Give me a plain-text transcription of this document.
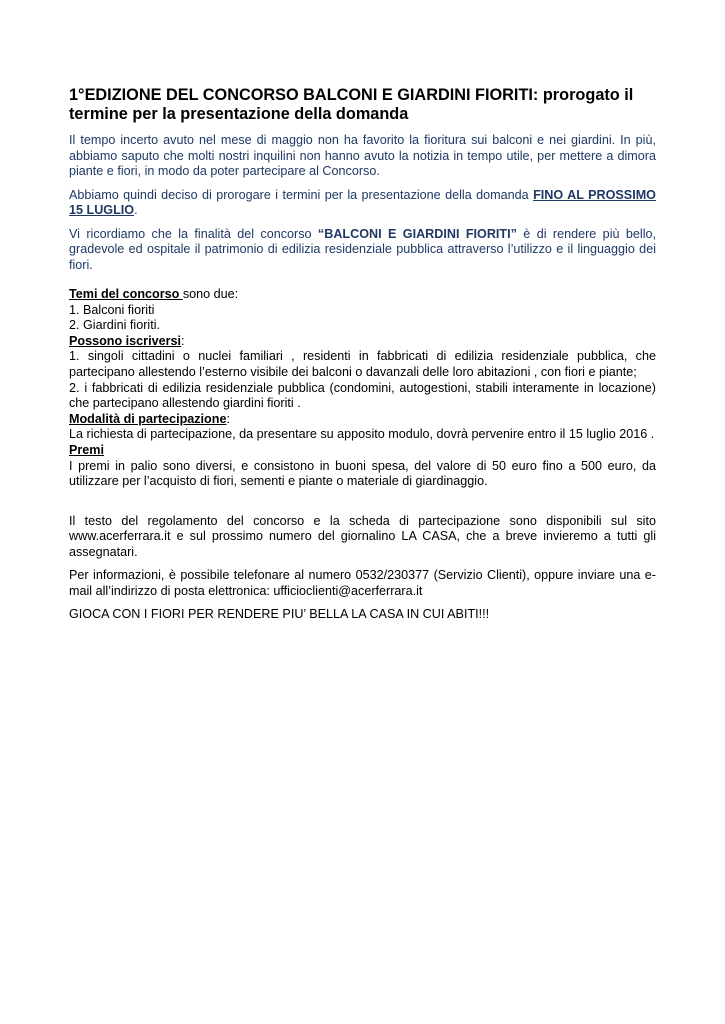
1°EDIZIONE DEL CONCORSO BALCONI E GIARDINI FIORITI: prorogato il termine per la presentazione della domanda

Il tempo incerto avuto nel mese di maggio non ha favorito la fioritura sui balconi e nei giardini. In più, abbiamo saputo che molti nostri inquilini non hanno avuto la notizia in tempo utile, per mettere a dimora piante e fiori, in modo da poter partecipare al Concorso.

Abbiamo quindi deciso di prorogare i termini per la presentazione della domanda FINO AL PROSSIMO 15 LUGLIO.

Vi ricordiamo che la finalità del concorso “BALCONI E GIARDINI FIORITI” è di rendere più bello, gradevole ed ospitale il patrimonio di edilizia residenziale pubblica attraverso l’utilizzo e il linguaggio dei fiori.

Temi del concorso sono due:
1. Balconi fioriti
2. Giardini fioriti.
Possono iscriversi:

1. singoli cittadini o nuclei familiari , residenti in fabbricati di edilizia residenziale pubblica, che partecipano allestendo l’esterno visibile dei balconi o davanzali delle loro abitazioni , con fiori e piante;

2. i fabbricati di edilizia residenziale pubblica (condomini, autogestioni, stabili interamente in locazione) che partecipano allestendo giardini fioriti .

Modalità di partecipazione:

La richiesta di partecipazione, da presentare su apposito modulo, dovrà pervenire entro il 15 luglio 2016 .

Premi

I premi in palio sono diversi, e consistono in buoni spesa, del valore di 50 euro fino a 500 euro, da utilizzare per l’acquisto di fiori, sementi e piante o materiale di giardinaggio.

Il testo del regolamento del concorso e la scheda di partecipazione sono disponibili sul sito www.acerferrara.it e sul prossimo numero del giornalino LA CASA, che a breve invieremo a tutti gli assegnatari.

Per informazioni, è possibile telefonare al numero 0532/230377 (Servizio Clienti), oppure inviare una e-mail all’indirizzo di posta elettronica: ufficioclienti@acerferrara.it

GIOCA CON I FIORI PER RENDERE PIU’ BELLA LA CASA IN CUI ABITI!!!
